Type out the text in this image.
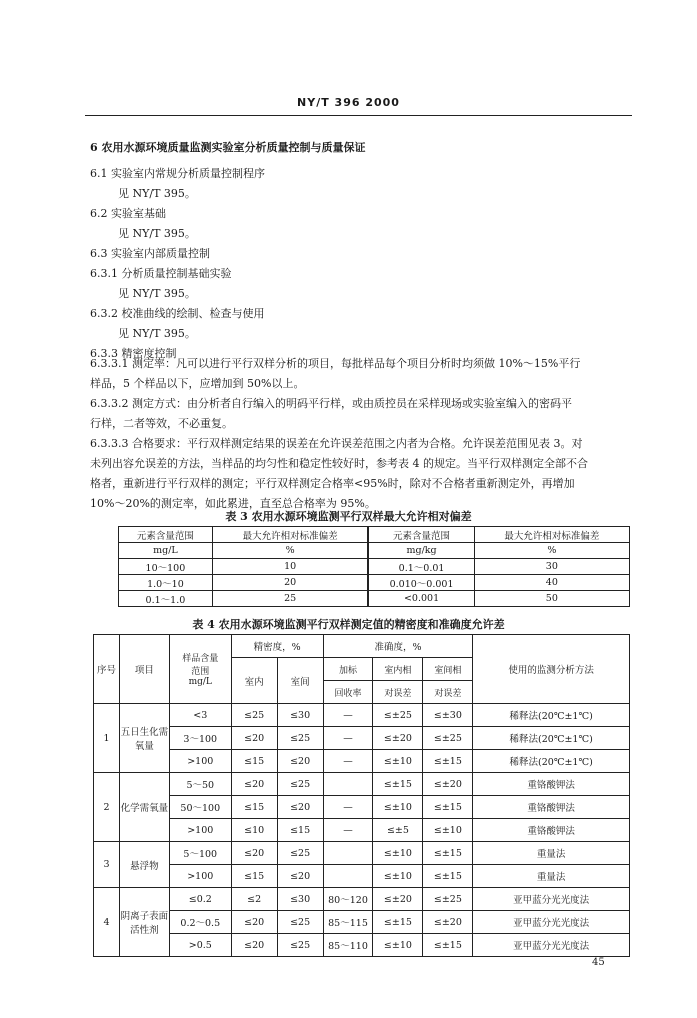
NY/T 396 2000
6 农用水源环境质量监测实验室分析质量控制与质量保证
6.1 实验室内常规分析质量控制程序
见 NY/T 395。
6.2 实验室基础
见 NY/T 395。
6.3 实验室内部质量控制
6.3.1 分析质量控制基础实验
见 NY/T 395。
6.3.2 校准曲线的绘制、检查与使用
见 NY/T 395。
6.3.3 精密度控制
6.3.3.1 测定率：凡可以进行平行双样分析的项目，每批样品每个项目分析时均须做 10%～15%平行
样品，5 个样品以下，应增加到 50%以上。
6.3.3.2 测定方式：由分析者自行编入的明码平行样，或由质控员在采样现场或实验室编入的密码平
行样，二者等效，不必重复。
6.3.3.3 合格要求：平行双样测定结果的误差在允许误差范围之内者为合格。允许误差范围见表 3。对
未列出容允误差的方法，当样品的均匀性和稳定性较好时，参考表 4 的规定。当平行双样测定全部不合
格者，重新进行平行双样的测定；平行双样测定合格率<95%时，除对不合格者重新测定外，再增加
10%～20%的测定率，如此累进，直至总合格率为 95%。
表 3 农用水源环境监测平行双样最大允许相对偏差
元素含量范围	最大允许相对标准偏差	元素含量范围	最大允许相对标准偏差
mg/L	%	mg/kg	%
10～100	10	0.1～0.01	30
1.0～10	20	0.010～0.001	40
0.1～1.0	25	<0.001	50
表 4 农用水源环境监测平行双样测定值的精密度和准确度允许差
序号	项目	样品含量
范围
mg/L	精密度，%		准确度，%			使用的监测分析方法
			室内	室间	加标	室内相	室间相	
					回收率	对误差	对误差	
1	五日生化需氧量	<3	≤25	≤30	—	≤±25	≤±30	稀释法(20℃±1℃)
		3～100	≤20	≤25	—	≤±20	≤±25	稀释法(20℃±1℃)
		>100	≤15	≤20	—	≤±10	≤±15	稀释法(20℃±1℃)
2	化学需氧量	5～50	≤20	≤25		≤±15	≤±20	重铬酸钾法
		50～100	≤15	≤20	—	≤±10	≤±15	重铬酸钾法
		>100	≤10	≤15	—	≤±5	≤±10	重铬酸钾法
3	悬浮物	5～100	≤20	≤25		≤±10	≤±15	重量法
		>100	≤15	≤20		≤±10	≤±15	重量法
4	阴离子表面活性剂	≤0.2	≤2	≤30	80～120	≤±20	≤±25	亚甲蓝分光光度法
		0.2～0.5	≤20	≤25	85～115	≤±15	≤±20	亚甲蓝分光光度法
		>0.5	≤20	≤25	85～110	≤±10	≤±15	亚甲蓝分光光度法
45
